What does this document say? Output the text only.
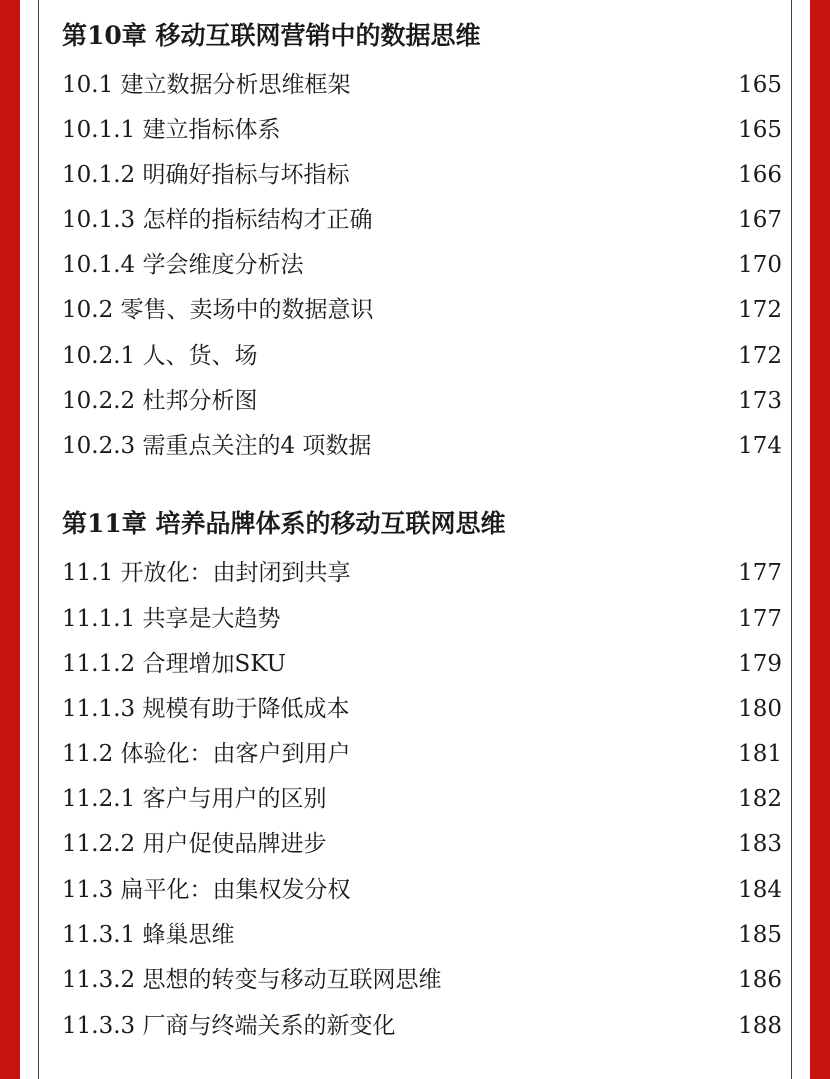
第10章 移动互联网营销中的数据思维
10.1 建立数据分析思维框架	165
10.1.1 建立指标体系	165
10.1.2 明确好指标与坏指标	166
10.1.3 怎样的指标结构才正确	167
10.1.4 学会维度分析法	170
10.2 零售、卖场中的数据意识	172
10.2.1 人、货、场	172
10.2.2 杜邦分析图	173
10.2.3 需重点关注的4 项数据	174
第11章 培养品牌体系的移动互联网思维
11.1 开放化：由封闭到共享	177
11.1.1 共享是大趋势	177
11.1.2 合理增加SKU	179
11.1.3 规模有助于降低成本	180
11.2 体验化：由客户到用户	181
11.2.1 客户与用户的区别	182
11.2.2 用户促使品牌进步	183
11.3 扁平化：由集权发分权	184
11.3.1 蜂巢思维	185
11.3.2 思想的转变与移动互联网思维	186
11.3.3 厂商与终端关系的新变化	188
